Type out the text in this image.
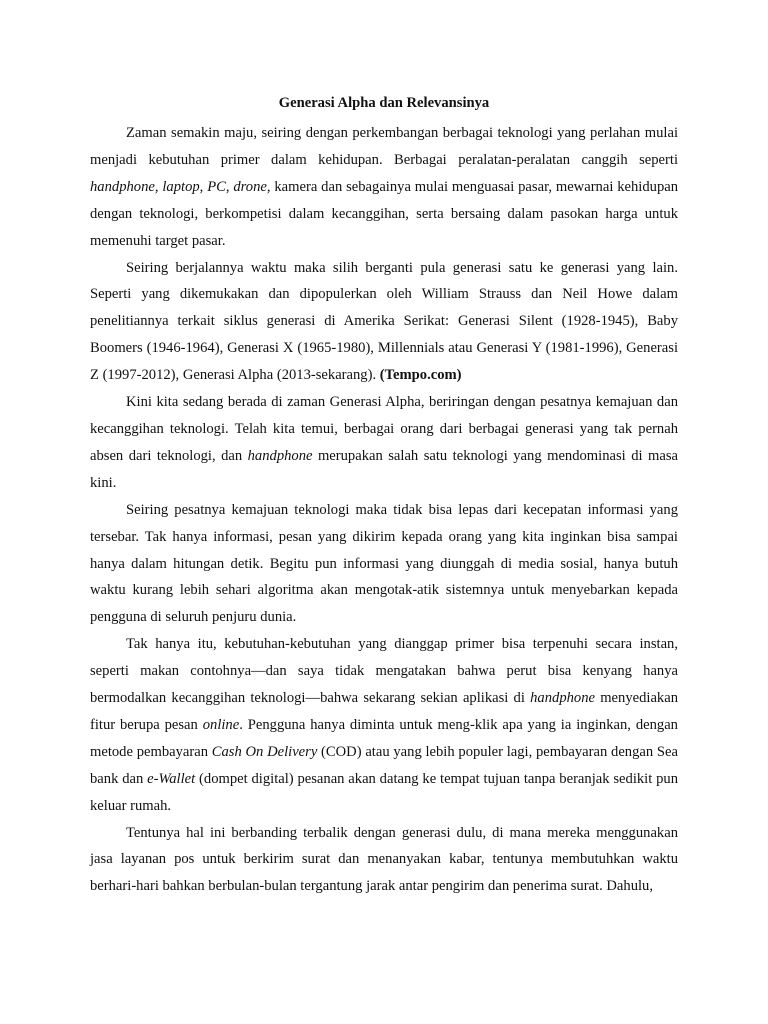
Generasi Alpha dan Relevansinya

Zaman semakin maju, seiring dengan perkembangan berbagai teknologi yang perlahan mulai menjadi kebutuhan primer dalam kehidupan. Berbagai peralatan-peralatan canggih seperti handphone, laptop, PC, drone, kamera dan sebagainya mulai menguasai pasar, mewarnai kehidupan dengan teknologi, berkompetisi dalam kecanggihan, serta bersaing dalam pasokan harga untuk memenuhi target pasar.

Seiring berjalannya waktu maka silih berganti pula generasi satu ke generasi yang lain. Seperti yang dikemukakan dan dipopulerkan oleh William Strauss dan Neil Howe dalam penelitiannya terkait siklus generasi di Amerika Serikat: Generasi Silent (1928-1945), Baby Boomers (1946-1964), Generasi X (1965-1980), Millennials atau Generasi Y (1981-1996), Generasi Z (1997-2012), Generasi Alpha (2013-sekarang). (Tempo.com)

Kini kita sedang berada di zaman Generasi Alpha, beriringan dengan pesatnya kemajuan dan kecanggihan teknologi. Telah kita temui, berbagai orang dari berbagai generasi yang tak pernah absen dari teknologi, dan handphone merupakan salah satu teknologi yang mendominasi di masa kini.

Seiring pesatnya kemajuan teknologi maka tidak bisa lepas dari kecepatan informasi yang tersebar. Tak hanya informasi, pesan yang dikirim kepada orang yang kita inginkan bisa sampai hanya dalam hitungan detik. Begitu pun informasi yang diunggah di media sosial, hanya butuh waktu kurang lebih sehari algoritma akan mengotak-atik sistemnya untuk menyebarkan kepada pengguna di seluruh penjuru dunia.

Tak hanya itu, kebutuhan-kebutuhan yang dianggap primer bisa terpenuhi secara instan, seperti makan contohnya—dan saya tidak mengatakan bahwa perut bisa kenyang hanya bermodalkan kecanggihan teknologi—bahwa sekarang sekian aplikasi di handphone menyediakan fitur berupa pesan online. Pengguna hanya diminta untuk meng-klik apa yang ia inginkan, dengan metode pembayaran Cash On Delivery (COD) atau yang lebih populer lagi, pembayaran dengan Sea bank dan e-Wallet (dompet digital) pesanan akan datang ke tempat tujuan tanpa beranjak sedikit pun keluar rumah.

Tentunya hal ini berbanding terbalik dengan generasi dulu, di mana mereka menggunakan jasa layanan pos untuk berkirim surat dan menanyakan kabar, tentunya membutuhkan waktu berhari-hari bahkan berbulan-bulan tergantung jarak antar pengirim dan penerima surat. Dahulu,
